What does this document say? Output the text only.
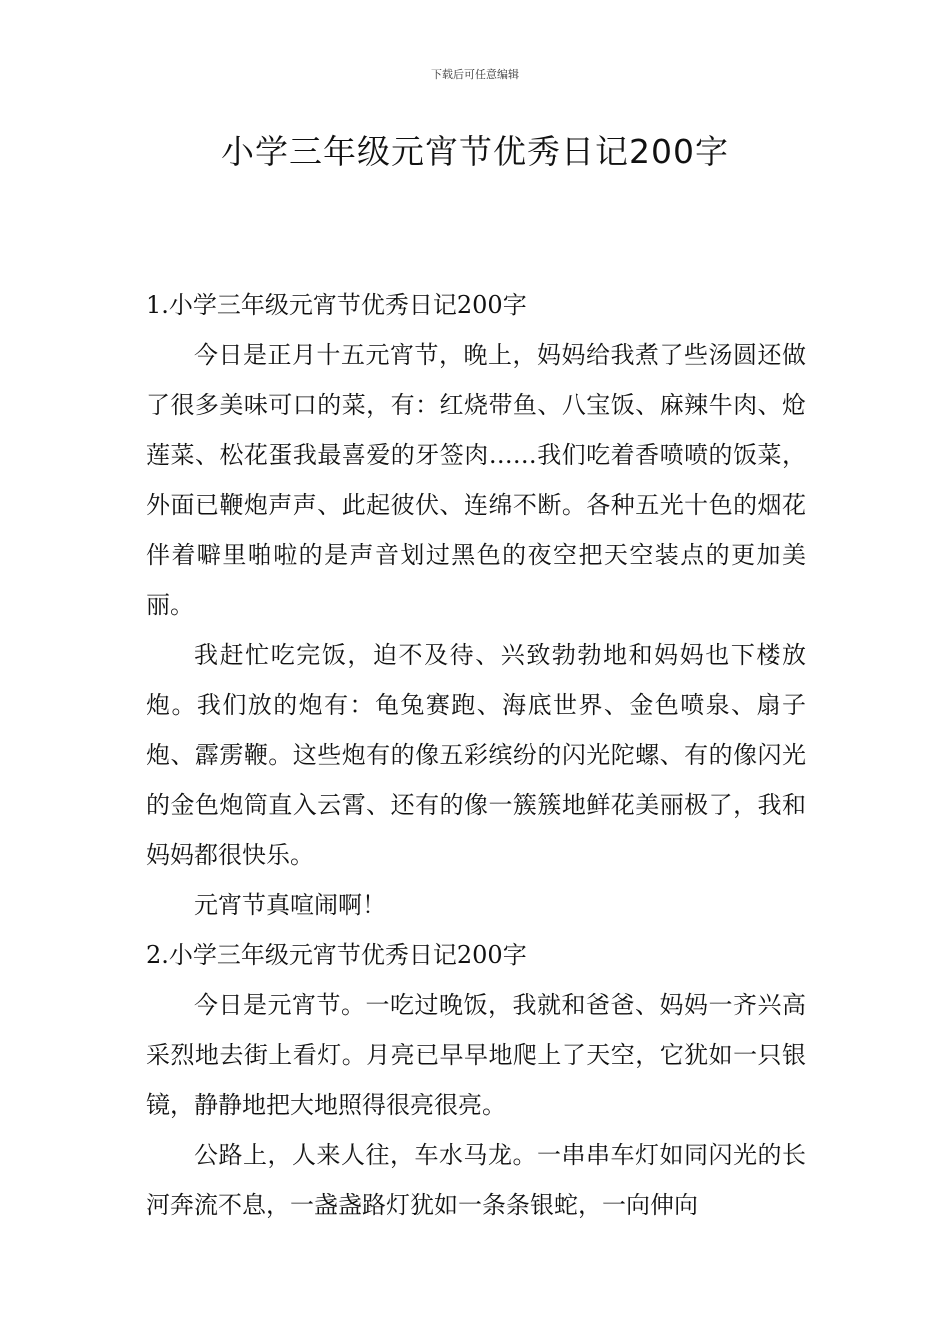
下载后可任意编辑
小学三年级元宵节优秀日记200字

1.小学三年级元宵节优秀日记200字

今日是正月十五元宵节，晚上，妈妈给我煮了些汤圆还做了很多美味可口的菜，有：红烧带鱼、八宝饭、麻辣牛肉、炝莲菜、松花蛋我最喜爱的牙签肉……我们吃着香喷喷的饭菜，外面已鞭炮声声、此起彼伏、连绵不断。各种五光十色的烟花伴着噼里啪啦的是声音划过黑色的夜空把天空装点的更加美丽。

我赶忙吃完饭，迫不及待、兴致勃勃地和妈妈也下楼放炮。我们放的炮有：龟兔赛跑、海底世界、金色喷泉、扇子炮、霹雳鞭。这些炮有的像五彩缤纷的闪光陀螺、有的像闪光的金色炮筒直入云霄、还有的像一簇簇地鲜花美丽极了，我和妈妈都很快乐。

元宵节真喧闹啊！

2.小学三年级元宵节优秀日记200字

今日是元宵节。一吃过晚饭，我就和爸爸、妈妈一齐兴高采烈地去街上看灯。月亮已早早地爬上了天空，它犹如一只银镜，静静地把大地照得很亮很亮。

公路上，人来人往，车水马龙。一串串车灯如同闪光的长河奔流不息，一盏盏路灯犹如一条条银蛇，一向伸向
